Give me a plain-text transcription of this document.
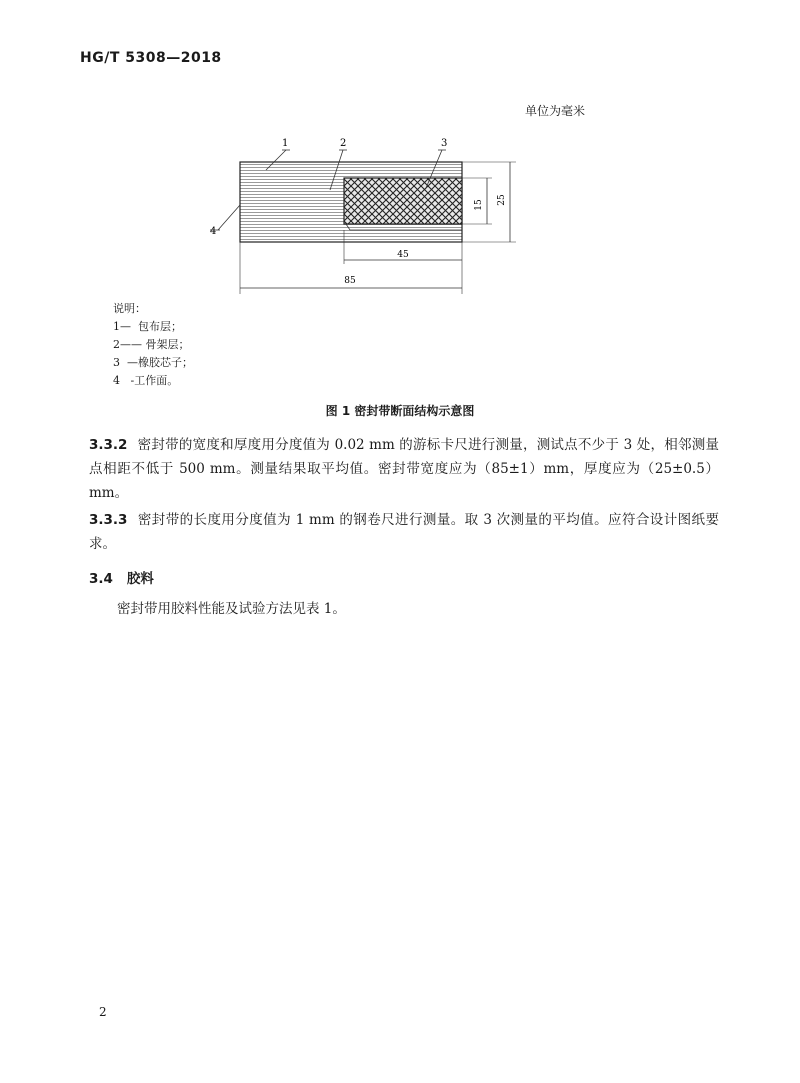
HG/T 5308—2018
单位为毫米
1	2	3
4
15 25
45
85
说明：
1—  包布层；
2—— 骨架层；
3  —橡胶芯子；
4   -工作面。
图 1 密封带断面结构示意图
3.3.2 密封带的宽度和厚度用分度值为 0.02 mm 的游标卡尺进行测量，测试点不少于 3 处，相邻测量点相距不低于 500 mm。测量结果取平均值。密封带宽度应为（85±1）mm，厚度应为（25±0.5）mm。
3.3.3 密封带的长度用分度值为 1 mm 的钢卷尺进行测量。取 3 次测量的平均值。应符合设计图纸要求。
3.4 胶料
密封带用胶料性能及试验方法见表 1。
2
